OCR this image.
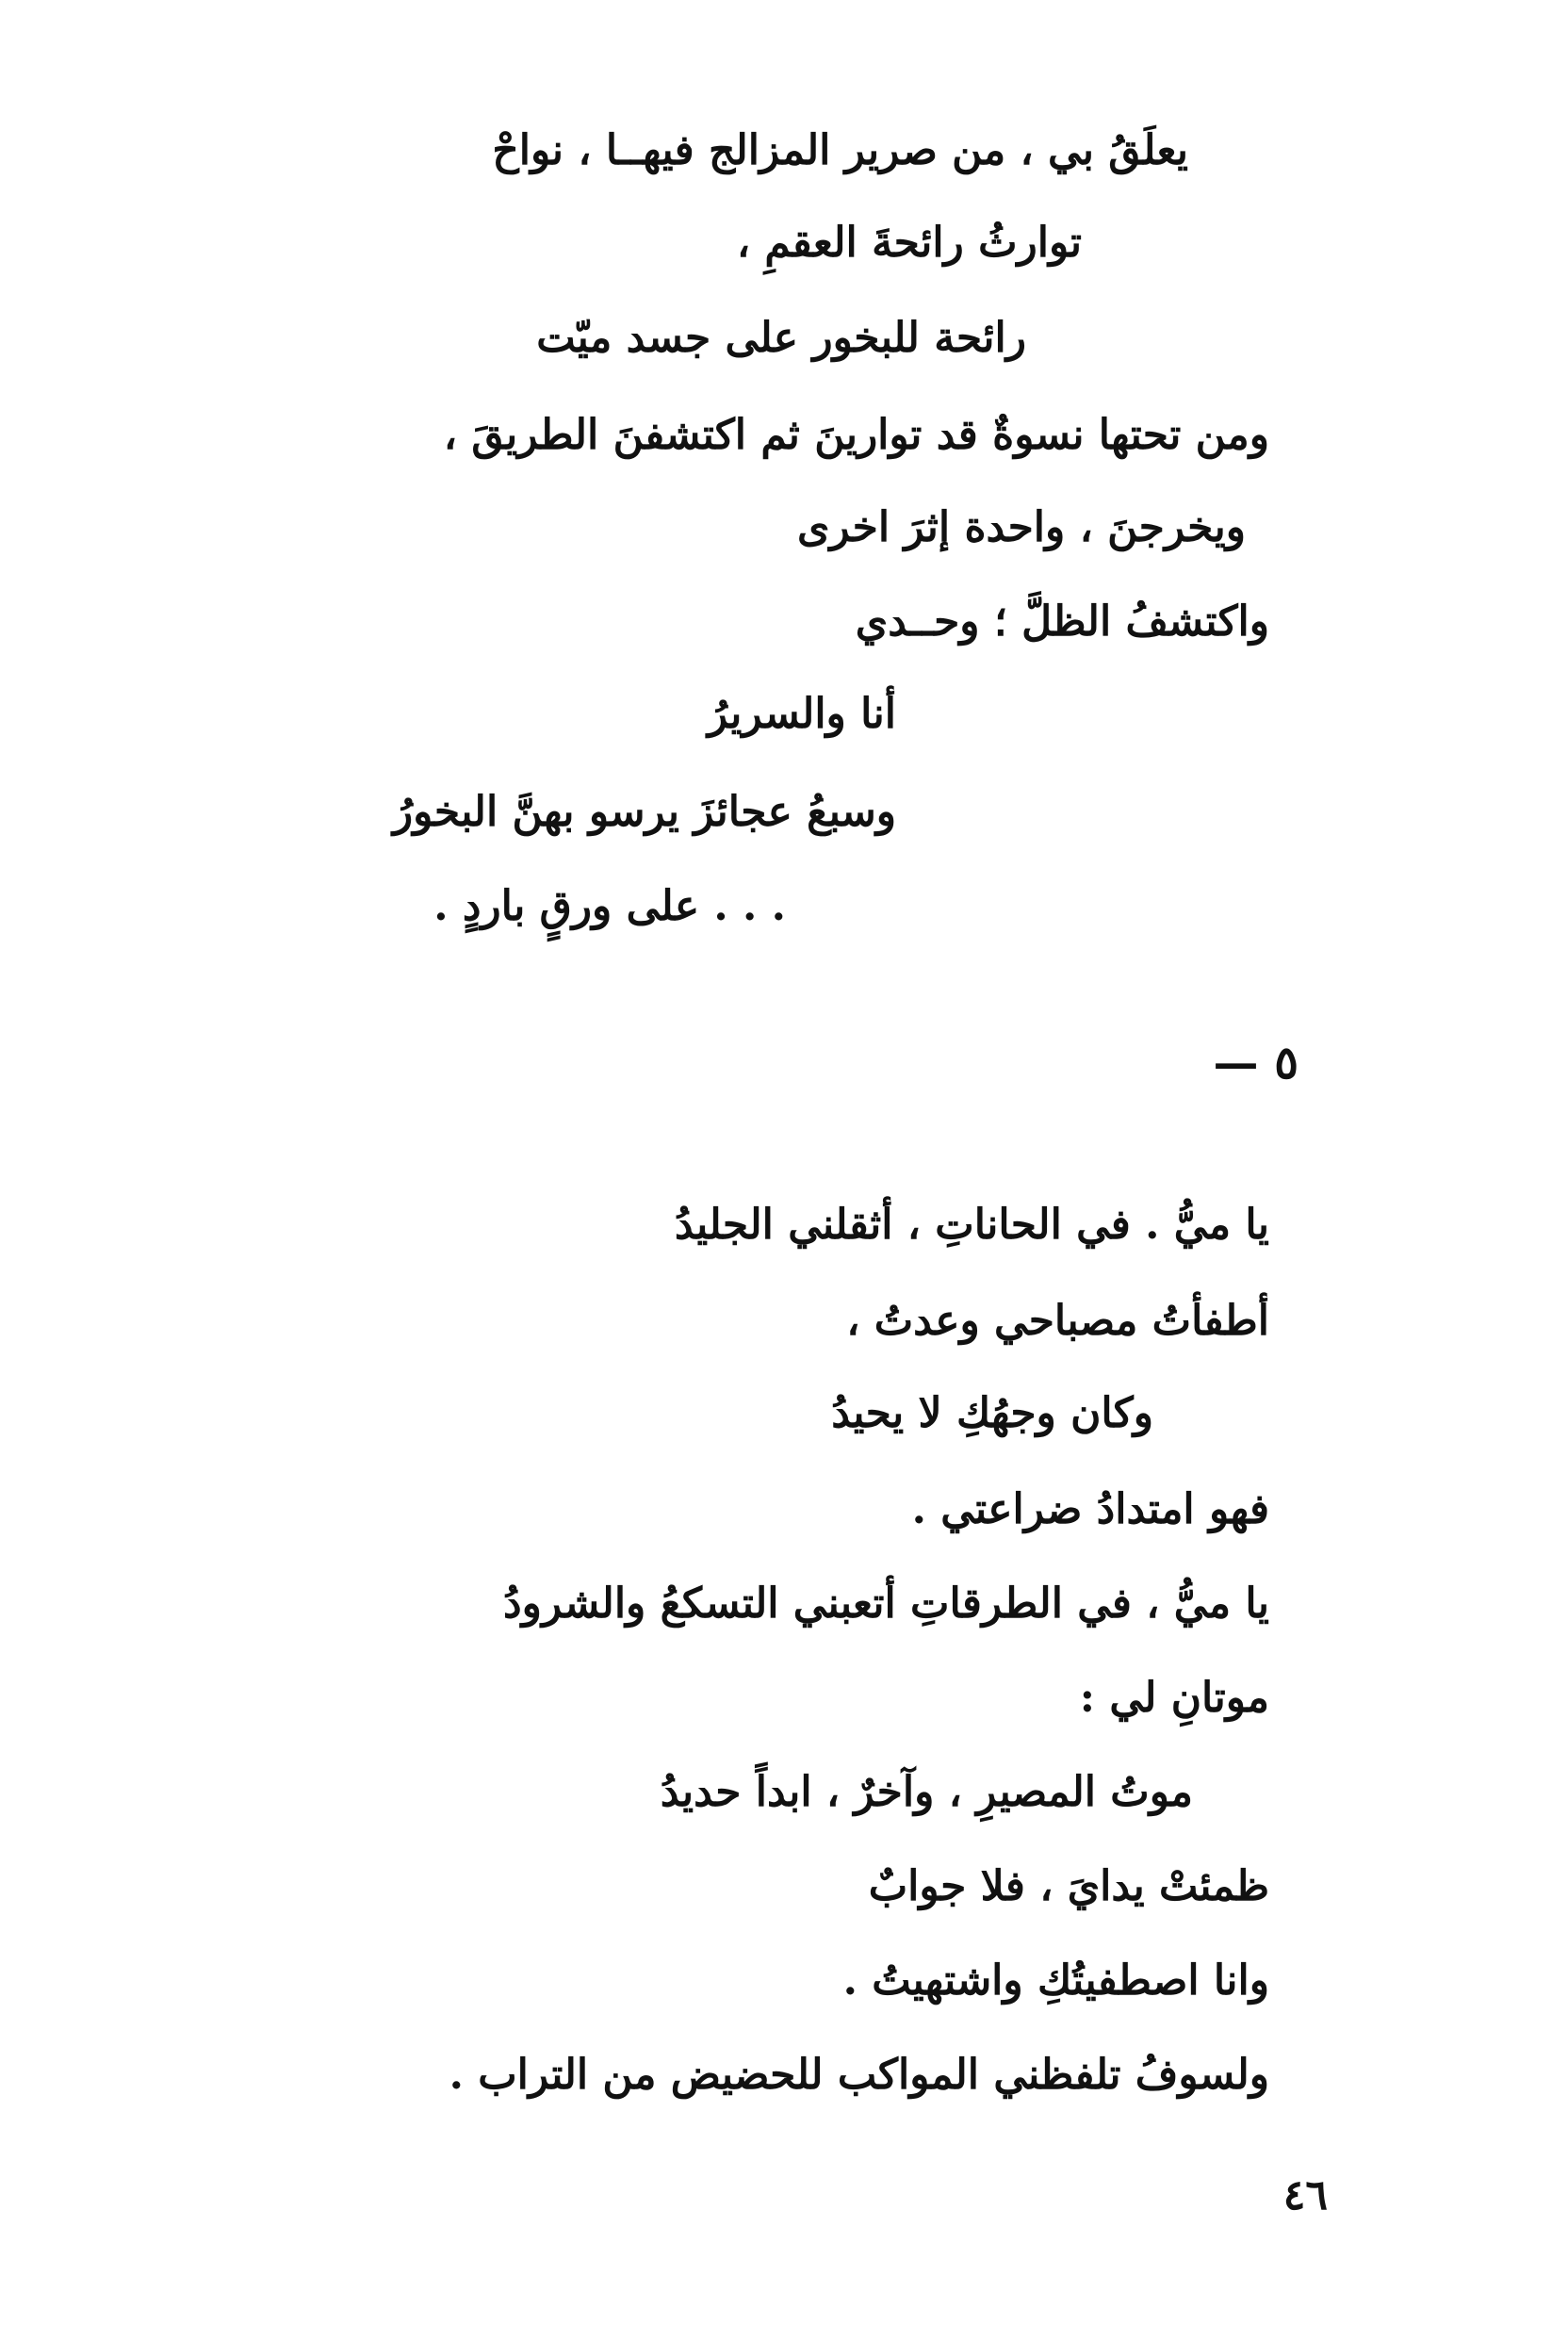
يعلَقُ بي ، من صرير المزالج فيهــا ، نواحْ
توارثُ رائحةَ العقمِ ،
رائحة للبخور على جسد ميّت
ومن تحتها نسوةٌ قد توارينَ ثم اكتشفنَ الطريقَ ،
ويخرجنَ ، واحدة إثرَ اخرى
واكتشفُ الظلَّ ؛ وحــدي
أنا والسريرُ
وسبعُ عجائزَ يرسو بهنَّ البخورُ
. . . على ورقٍ باردٍ .
٥ —
يا ميُّ . في الحاناتِ ، أثقلني الجليدُ
أطفأتُ مصباحي وعدتُ ،
وكان وجهُكِ لا يحيدُ
فهو امتدادُ ضراعتي .
يا ميُّ ، في الطرقاتِ أتعبني التسكعُ والشرودُ
موتانِ لي :
موتُ المصيرِ ، وآخرٌ ، ابداً حديدُ
ظمئتْ يدايَ ، فلا جوابٌ
وانا اصطفيتُكِ واشتهيتُ .
ولسوفُ تلفظني المواكب للحضيض من التراب .
٤٦
